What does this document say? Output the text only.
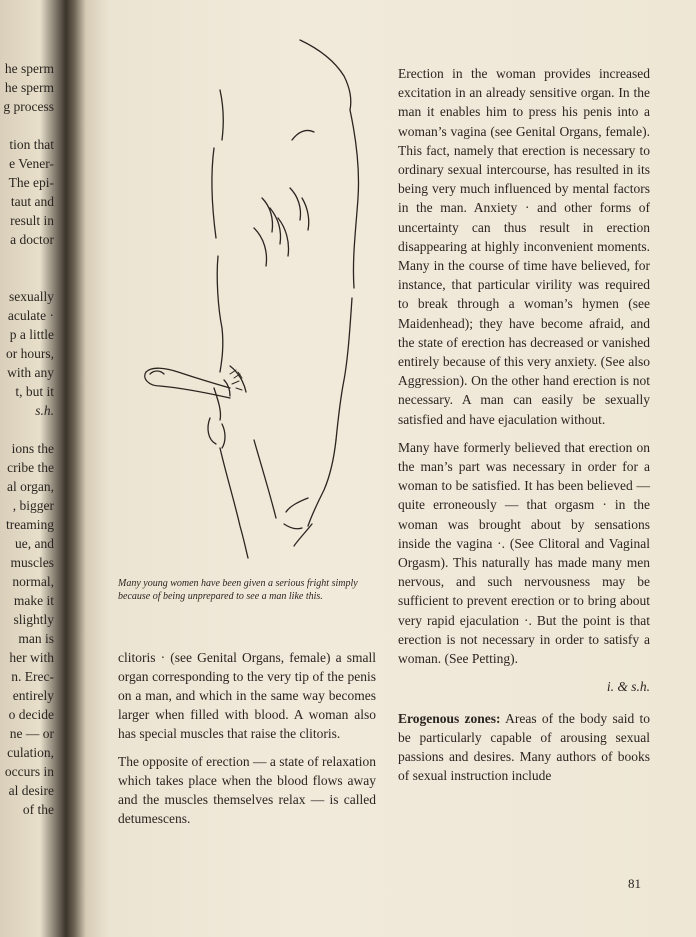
he sperm
he sperm
g process
tion that
e Vener-
The epi-
taut and
result in
a doctor
sexually
aculate ·
p a little
or hours,
with any
t, but it
s.h.
ions the
cribe the
al organ,
, bigger
treaming
ue, and
muscles
normal,
make it
slightly
man is
her with
n. Erec-
entirely
o decide
ne — or
culation,
occurs in
al desire
of the
Many young women have been given a serious fright simply because of being unprepared to see a man like this.

clitoris · (see Genital Organs, female) a small organ corresponding to the very tip of the penis on a man, and which in the same way becomes larger when filled with blood. A woman also has special muscles that raise the clitoris.

The opposite of erection — a state of relaxation which takes place when the blood flows away and the muscles themselves relax — is called detumescens.

Erection in the woman provides increased excitation in an already sensitive organ. In the man it enables him to press his penis into a woman’s vagina (see Genital Organs, female). This fact, namely that erection is necessary to ordinary sexual intercourse, has resulted in its being very much influenced by mental factors in the man. Anxiety · and other forms of uncertainty can thus result in erection disappearing at highly inconvenient moments. Many in the course of time have believed, for instance, that particular virility was required to break through a woman’s hymen (see Maidenhead); they have become afraid, and the state of erection has decreased or vanished entirely because of this very anxiety. (See also Aggression). On the other hand erection is not necessary. A man can easily be sexually satisfied and have ejaculation without.

Many have formerly believed that erection on the man’s part was necessary in order for a woman to be satisfied. It has been believed — quite erroneously — that orgasm · in the woman was brought about by sensations inside the vagina ·. (See Clitoral and Vaginal Orgasm). This naturally has made many men nervous, and such nervousness may be sufficient to prevent erection or to bring about very rapid ejaculation ·. But the point is that erection is not necessary in order to satisfy a woman. (See Petting).

i. & s.h.

Erogenous zones: Areas of the body said to be particularly capable of arousing sexual passions and desires. Many authors of books of sexual instruction include

81
